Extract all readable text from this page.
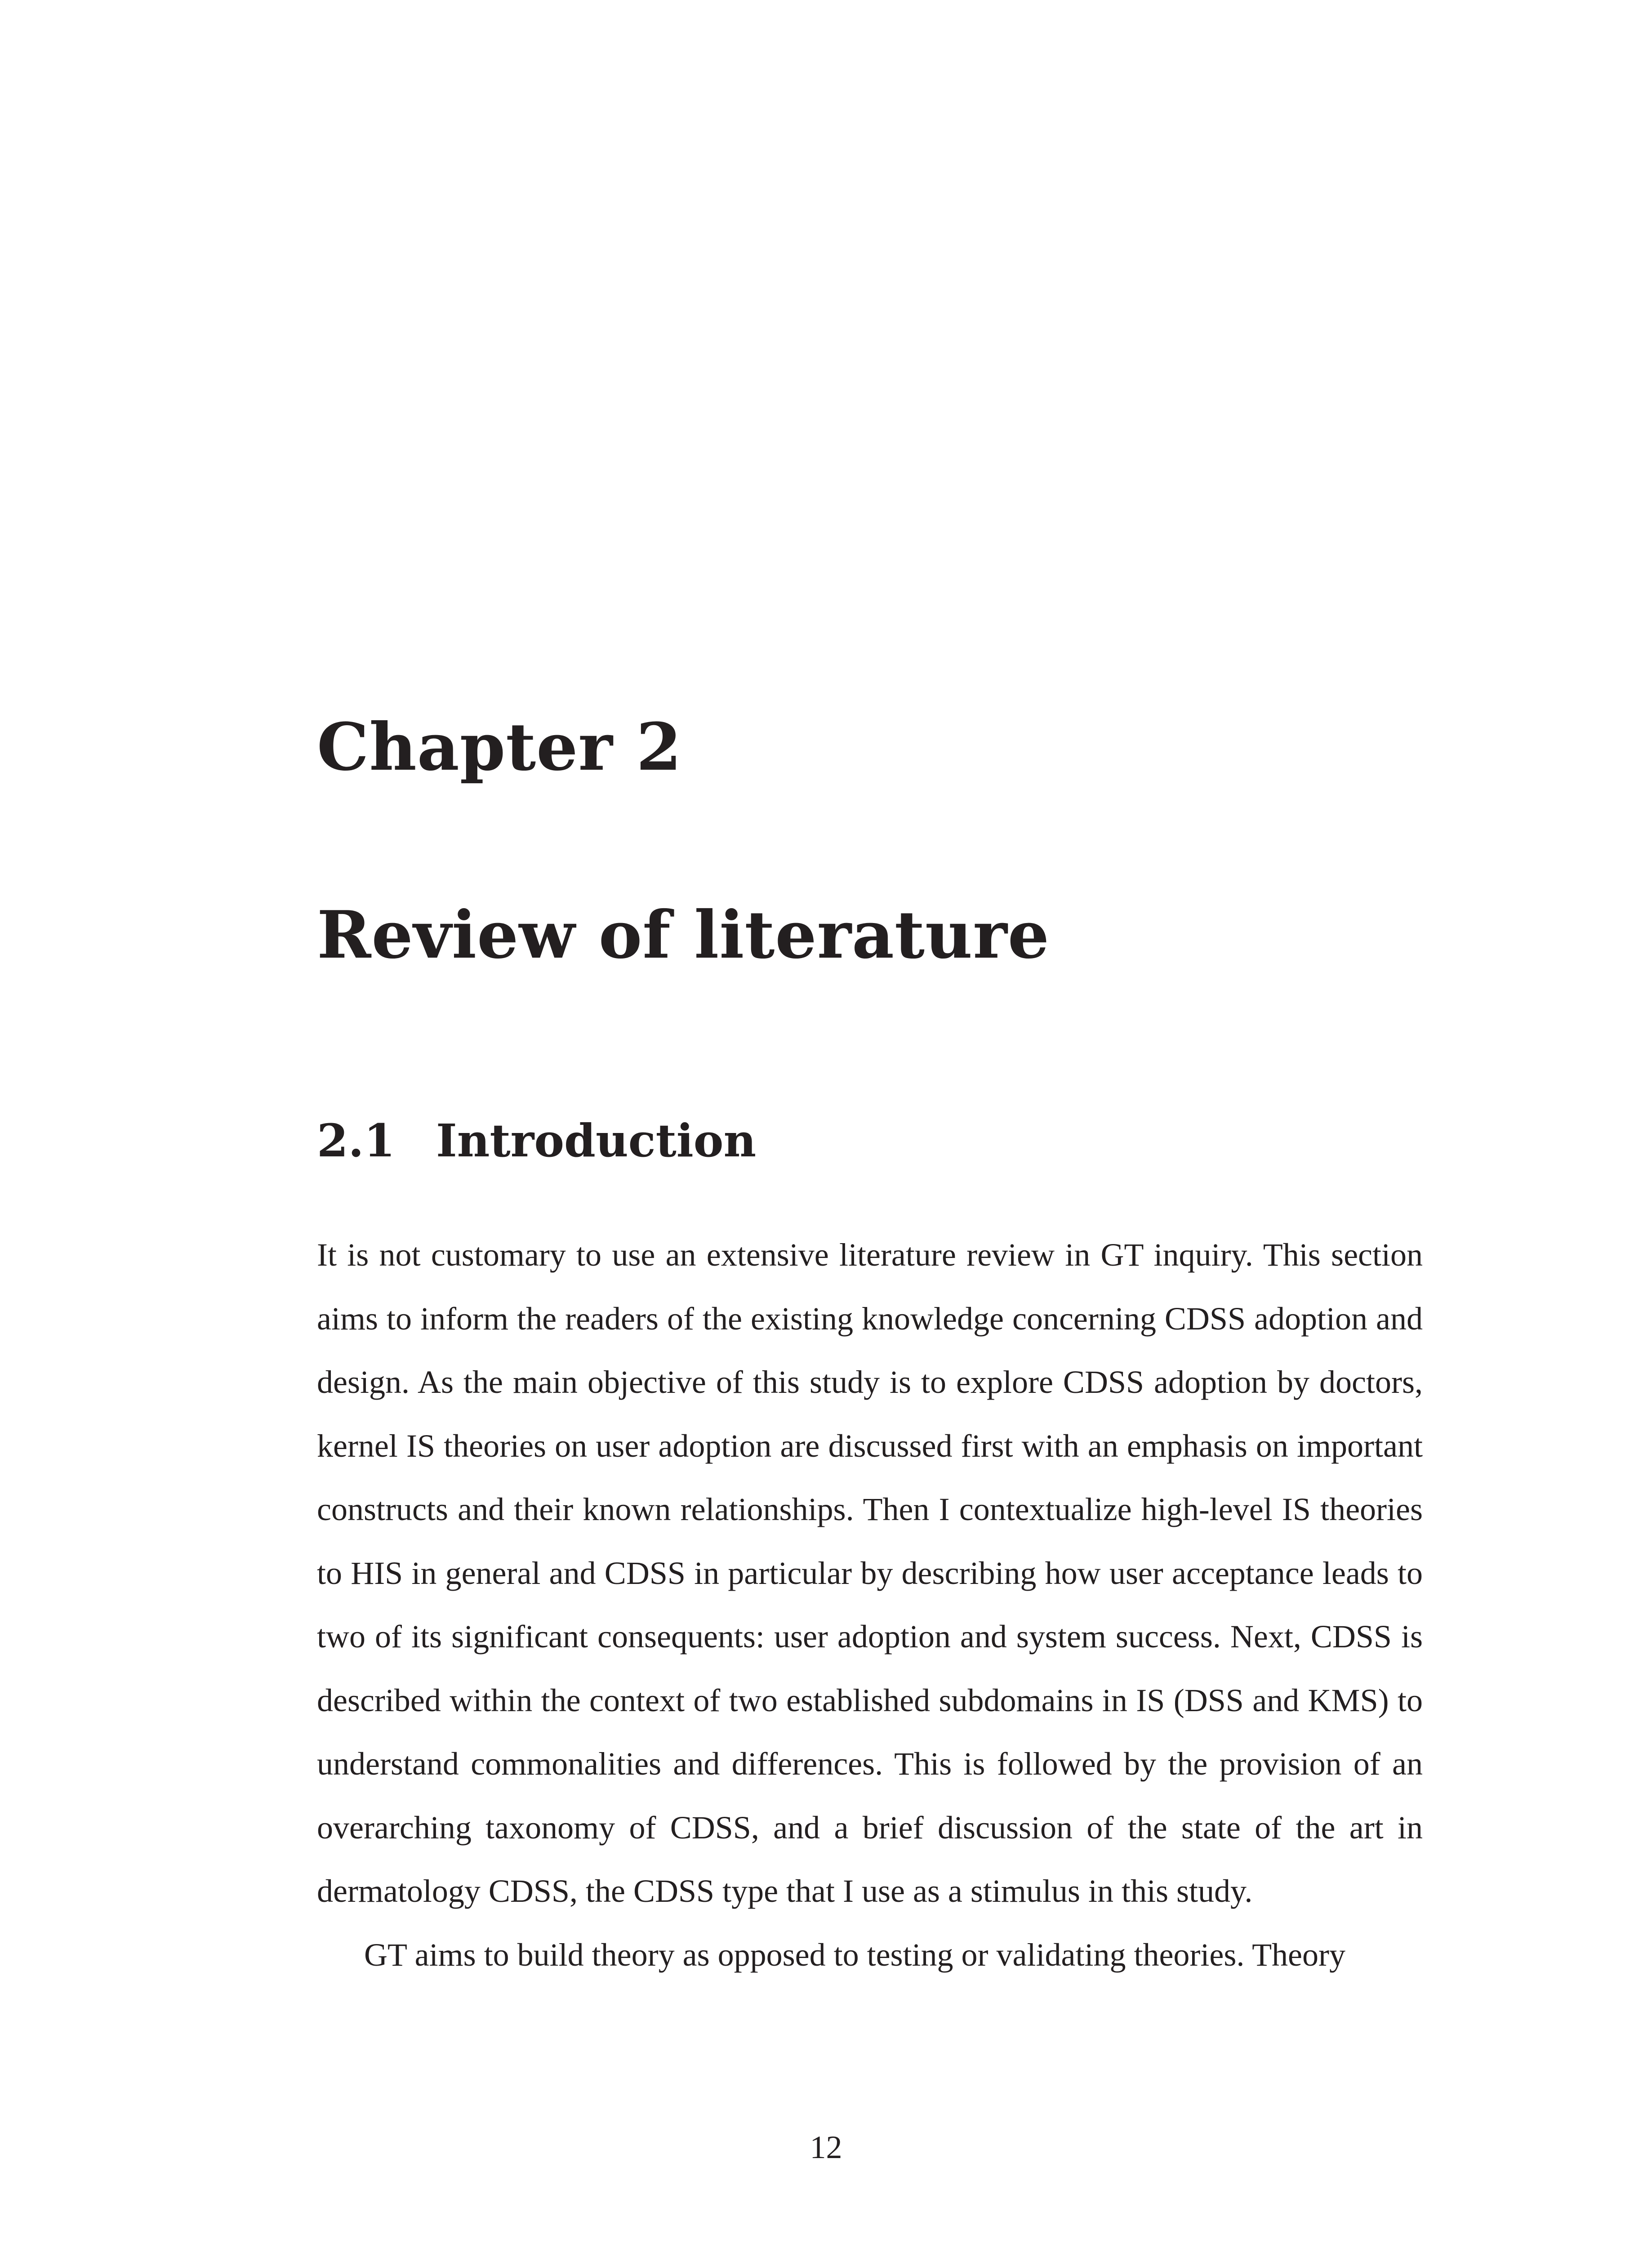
Chapter 2
Review of literature
2.1 Introduction

It is not customary to use an extensive literature review in GT inquiry. This section aims to inform the readers of the existing knowledge concerning CDSS adoption and design. As the main objective of this study is to explore CDSS adoption by doctors, kernel IS theories on user adoption are discussed first with an emphasis on important constructs and their known relationships. Then I contextualize high-level IS theories to HIS in general and CDSS in particular by describing how user acceptance leads to two of its significant consequents: user adoption and system success. Next, CDSS is described within the context of two established subdomains in IS (DSS and KMS) to understand commonalities and differences. This is followed by the provision of an overarching taxonomy of CDSS, and a brief discussion of the state of the art in dermatology CDSS, the CDSS type that I use as a stimulus in this study.

GT aims to build theory as opposed to testing or validating theories. Theory

12
